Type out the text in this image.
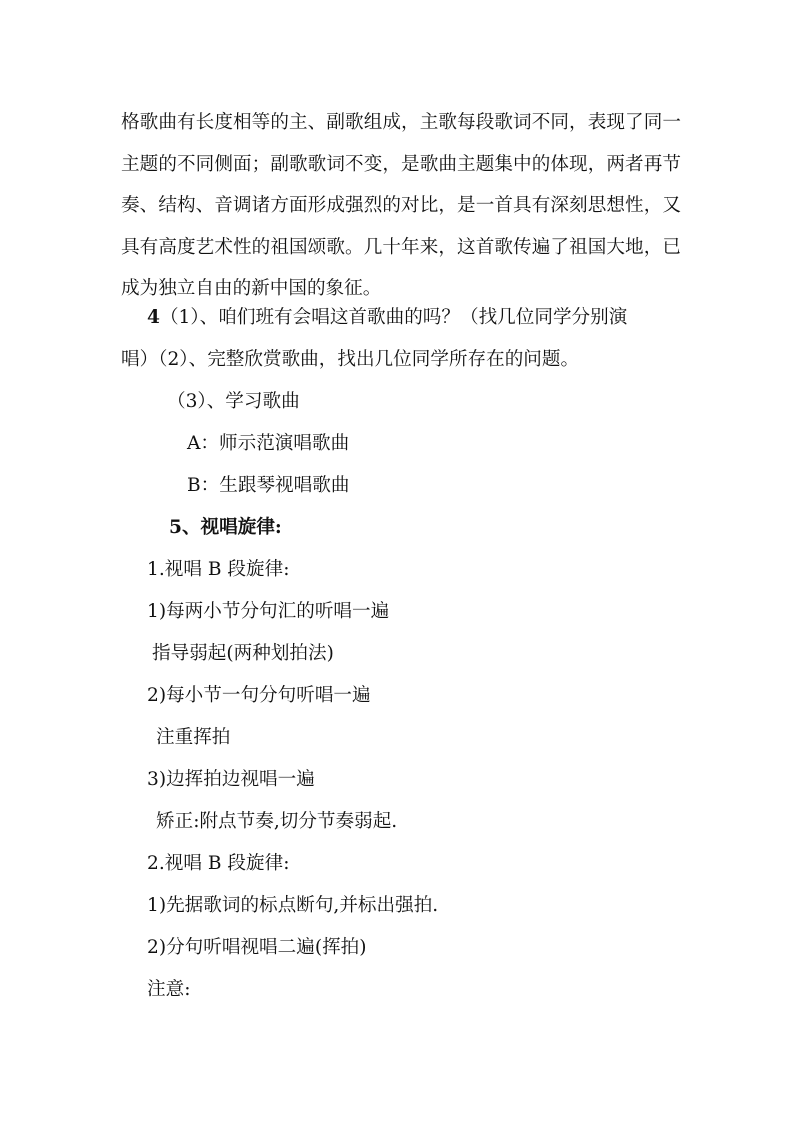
格歌曲有长度相等的主、副歌组成，主歌每段歌词不同，表现了同一主题的不同侧面；副歌歌词不变，是歌曲主题集中的体现，两者再节奏、结构、音调诸方面形成强烈的对比，是一首具有深刻思想性，又具有高度艺术性的祖国颂歌。几十年来，这首歌传遍了祖国大地，已成为独立自由的新中国的象征。

4（1）、咱们班有会唱这首歌曲的吗？（找几位同学分别演

唱）（2）、完整欣赏歌曲，找出几位同学所存在的问题。

（3）、学习歌曲

A：师示范演唱歌曲

B：生跟琴视唱歌曲

5、视唱旋律:

1.视唱 B 段旋律:

1)每两小节分句汇的听唱一遍

指导弱起(两种划拍法)

2)每小节一句分句听唱一遍

注重挥拍

3)边挥拍边视唱一遍

矫正:附点节奏,切分节奏弱起.

2.视唱 B 段旋律:

1)先据歌词的标点断句,并标出强拍.

2)分句听唱视唱二遍(挥拍)

注意:
